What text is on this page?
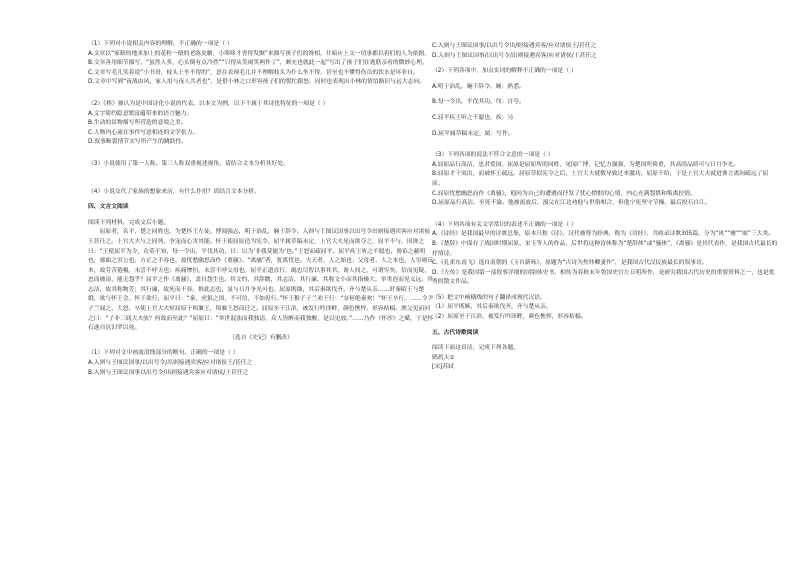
（1）下列对小说相关内容的理解，不正确的一项是（ ）

A.文章以“家制的地米加上的花粒一般的老陈皮糖，小哆哆才香得发颤”来描写孩子们的馋相，并暗应上文一切事都以着们的人为依据。

B.文章善用细节描写，“虽然人多，心头倒有点冷然”“只得从笑闹笑两作了”，颇充也就此一起“写出了孩子们在逃筋亲看的微妙心理。

C.文章写毛儿笑着说“小书哥，枝头上坐不得的”，意在表现毛儿并不理解枝头为什么坐不得，甚至也不懂得伤员的饮水是坏非自。

D.文章中写到“夜战由风，家人用与夜人共者也”，是借小林之口形容孩子们的慌忙跟怒，同时也表现出小林的情谊路识与远大志向。

（2）《桥》被认为是中国诗化小说的代表，以本文为例，以下不属于其诗化特征的一项是（ ）

A.文字简约隐意繁富蕴带来的语言魅力。

B.生动的景物描写所营造的意境之美。

C.人物内心流在事件写意相连的文学张力。

D.叙事断裂情节实写所产生的跳跃性。

（3）小说使用了第一人称、第三人称双重视述视角，请结合文本分析其好处。

（4）小说交代了家族的想象来历，有什么作用？请结合文本分析。

四、文言文阅读

阅读下列材料，完成文后小题。

屈原者，名平，楚之同姓也。为楚怀王左徒。博闻强志，明于治乱，娴于辞令。入则与王图议国事以出号令出则接遇宾客应对诸侯王甚任之。上官大夫与之同列，争宠而心害其能。怀王使屈原造为宪令，屈平属草稿未定，上官大夫见而欲夺之，屈平不与，因谗之曰：“王使屈平为令，众莫不知，每一令出，平伐其功，曰：以为‘非我莫能为’也。”王怒而疏屈平。屈平疾王听之不聪也，谗谄之蔽明也，邪曲之害公也，方正之不容也，故忧愁幽思而作《离骚》。“离骚”者，犹离忧也。夫天者，人之始也；父母者，人之本也。人穷则反本，故劳苦倦极，未尝不呼天也；疾痛惨怛，未尝不呼父母也。屈平正道直行，竭忠尽智以事其君，谗人间之，可谓穷矣。信而见疑，忠而被谤，能无怨乎？屈平之作《离骚》，盖自怨生也。其文约，其辞微，其志洁，其行廉，其称文小而其指极大，举类迩而见义远。其志洁，故其称物芳；其行廉，故死而不容。推此志也，虽与日月争光可也。屈原既绌，其后秦欲伐齐，齐与楚从亲……时秦昭王与楚婚，欲与怀王会。怀王欲行，屈平曰：“秦，虎狼之国，不可信，不如毋行。”怀王稚子子兰劝王行：“奈何绝秦欢！”怀王卒行。……令尹子兰闻之，大怒，卒使上官大夫短屈原于顷襄王，顷襄王怒而迁之。屈原至于江滨，被发行吟泽畔，颜色憔悴，形容枯槁。渔父见而问之曰：“子非三闾大夫欤？何故而至此？”屈原曰：“举世混浊而我独清，众人皆醉而我独醒，是以见放。”……乃作《怀沙》之赋，于是怀石遂自沉汨罗以死。

（选自《史记》有删改）

（1）下列对文中画波浪线部分的断句，正确的一项是（ ）

A.入则与王图议国事/以出号令/出则接遇宾客/应对诸侯王/甚任之

B.入则与王图议国事以出号令/出则接遇宾客应对诸侯/王甚任之

C.入则与王图议国事/以出号令出/则接遇宾客/应对诸侯王/甚任之

D.入则与王图议国事/以出号令/出则接遇宾客/应对诸侯/王甚任之

（2）下列各项中，加点实词的解释不正确的一项是（ ）

A.明于治乱，娴于辞令。娴：熟悉。

B.每一令出，平伐其功。伐：自夸。

C.屈平疾王听之不聪也。疾：另

D.屈平属草稿未定。属：写作。

（3）下列各项的说法不符合文意的一项是（ ）

A.屈原品行高洁，忠君爱国。屈原是屈原所的同姓，见闻广博，记忆力强强，为楚国所倚重，其高尚品质可与日月争光。

B.屈原才干突出，而被怀王疏远。屈原草拟宪令之后，上官大夫就数导致过来激功，屈原不给，于是上官大夫就进谗言离间疏远了屈原。

C.屈原忧愁幽思而作《离骚》，他因为自己的遭遇而抒发了忧心愤恨的心情，内心充满怨愤和叛离拉情。

D.屈原品行高洁，至死不渝。他被流放后，漫父在江边劝他与世俗相合，但他宁死坚守节操，最后投石自江。

（4）下列各项有关文学常识的表述不正确的一项是（ ）

A.《诗经》是我国最早的诗歌总集，原本只称《诗》，汉代被尊为经典，称为《诗经》，共收录诗歌305篇，分为“风”“雅”“颂”三大类。

B.《楚辞》中保存了战国时期屈原、宋玉等人的作品，后世将这种诗体称为“楚辞体”或“骚体”，《离骚》是其代表作，是我国古代最长的抒情诗。

C.《孔雀东南飞》选自南朝的《玉台新咏》，原题为“古诗为焦仲卿妻作”，是我国古代汉民族最长的叙事诗。

D.《左传》是我国第一部叙事详细的国别体史书，相传为春秋末年鲁国史官左丘明所作，是研究我国古代历史的重要资料之一，也是优秀的散文作品。

（5）把文中画横线的句子翻译成现代汉语。

（1）屈平既嫉，其后秦欲伐齐，齐与楚从亲。

（2）屈原至于江滨，被发行吟泽畔，颜色憔悴，形容枯槁。

五、古代诗歌阅读

阅读下面这首诗，完成下列各题。

鹧鸪天①

[宋]苏轼
